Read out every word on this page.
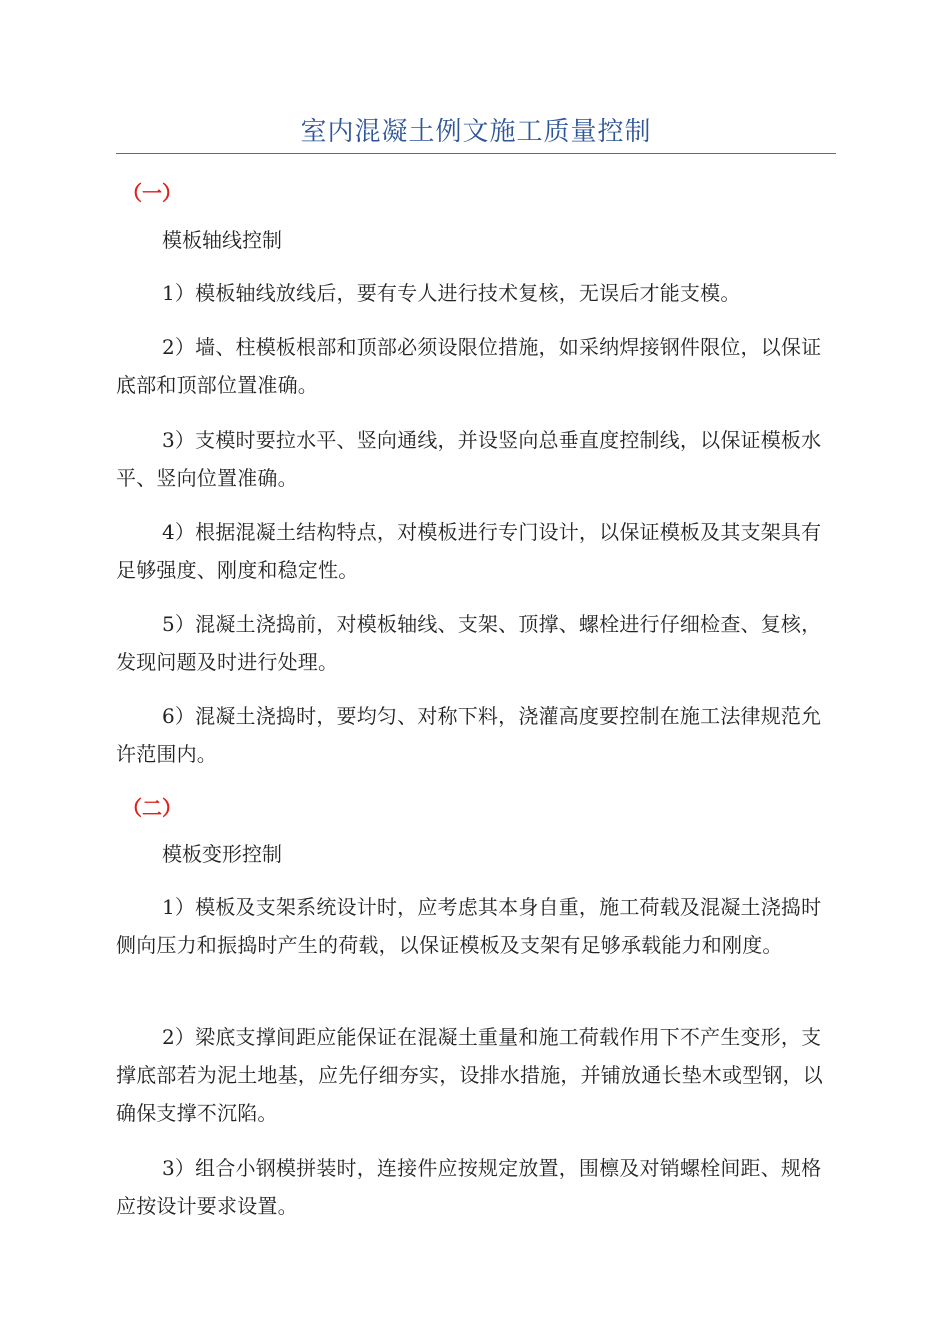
室内混凝土例文施工质量控制
（一）
模板轴线控制
1）模板轴线放线后，要有专人进行技术复核，无误后才能支模。
2）墙、柱模板根部和顶部必须设限位措施，如采纳焊接钢件限位，以保证底部和顶部位置准确。
3）支模时要拉水平、竖向通线，并设竖向总垂直度控制线，以保证模板水平、竖向位置准确。
4）根据混凝土结构特点，对模板进行专门设计，以保证模板及其支架具有足够强度、刚度和稳定性。
5）混凝土浇捣前，对模板轴线、支架、顶撑、螺栓进行仔细检查、复核，发现问题及时进行处理。
6）混凝土浇捣时，要均匀、对称下料，浇灌高度要控制在施工法律规范允许范围内。
（二）
模板变形控制
1）模板及支架系统设计时，应考虑其本身自重，施工荷载及混凝土浇捣时侧向压力和振捣时产生的荷载，以保证模板及支架有足够承载能力和刚度。
2）梁底支撑间距应能保证在混凝土重量和施工荷载作用下不产生变形，支撑底部若为泥土地基，应先仔细夯实，设排水措施，并铺放通长垫木或型钢，以确保支撑不沉陷。
3）组合小钢模拼装时，连接件应按规定放置，围檩及对销螺栓间距、规格应按设计要求设置。
